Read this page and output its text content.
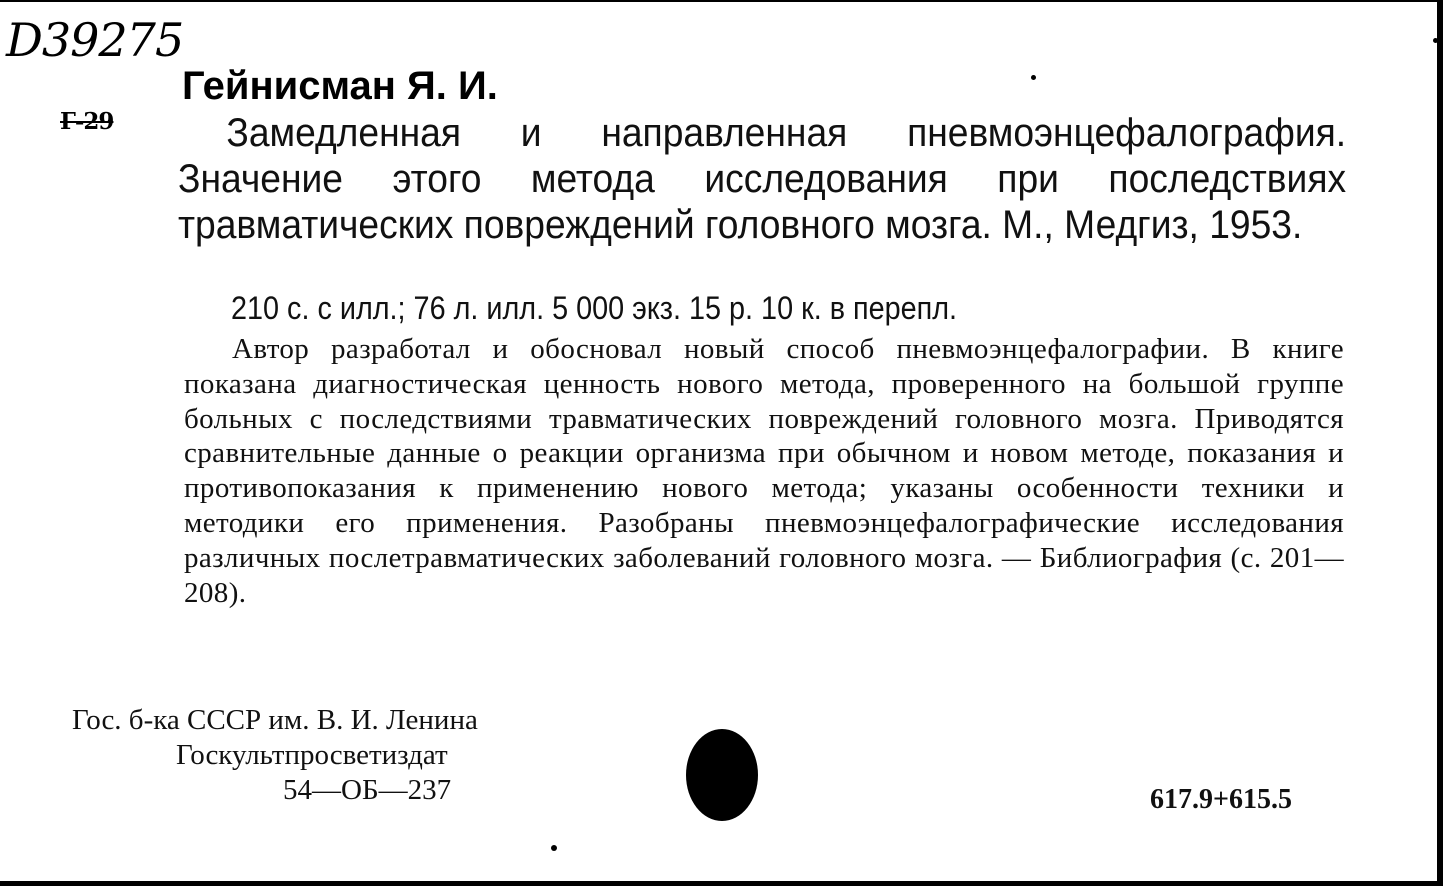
D39275
Г-29
Гейнисман Я. И.
Замедленная и направленная пневмоэнцефалография. Значение этого метода исследования при последствиях травматических повреждений головного мозга. М., Медгиз, 1953.
210 с. с илл.; 76 л. илл. 5 000 экз. 15 р. 10 к. в перепл.
Автор разработал и обосновал новый способ пневмоэнцефалографии. В книге показана диагностическая ценность нового метода, проверенного на большой группе больных с последствиями травматических повреждений головного мозга. Приводятся сравнительные данные о реакции организма при обычном и новом методе, показания и противопоказания к применению нового метода; указаны особенности техники и методики его применения. Разобраны пневмоэнцефалографические исследования различных послетравматических заболеваний головного мозга. — Библиография (с. 201—208).
Гос. б-ка СССР им. В. И. Ленина
Госкультпросветиздат
54—ОБ—237	617.9+615.5
